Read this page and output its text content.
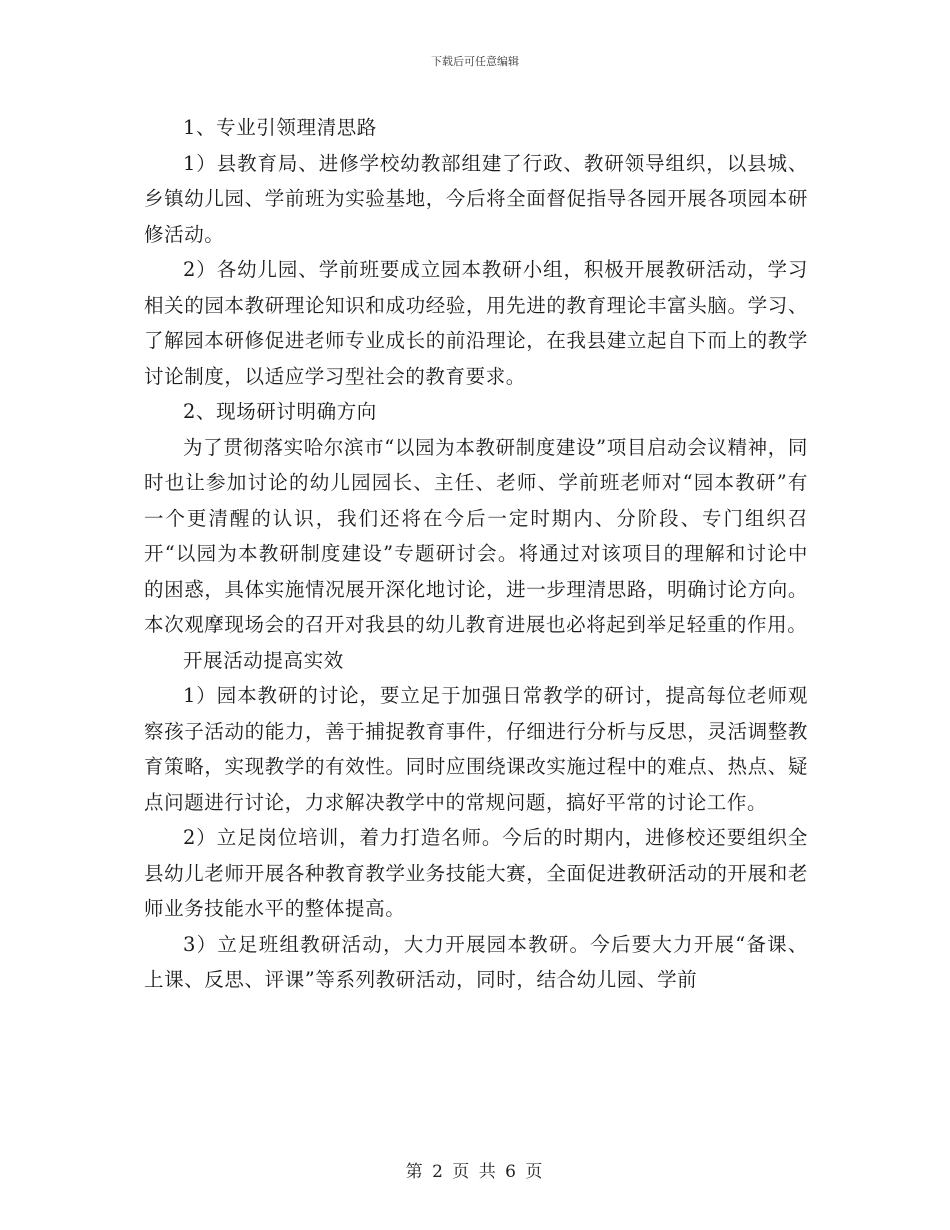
下载后可任意编辑

1、专业引领理清思路

1）县教育局、进修学校幼教部组建了行政、教研领导组织，以县城、乡镇幼儿园、学前班为实验基地，今后将全面督促指导各园开展各项园本研修活动。

2）各幼儿园、学前班要成立园本教研小组，积极开展教研活动，学习相关的园本教研理论知识和成功经验，用先进的教育理论丰富头脑。学习、了解园本研修促进老师专业成长的前沿理论，在我县建立起自下而上的教学讨论制度，以适应学习型社会的教育要求。

2、现场研讨明确方向

为了贯彻落实哈尔滨市“以园为本教研制度建设”项目启动会议精神，同时也让参加讨论的幼儿园园长、主任、老师、学前班老师对“园本教研”有一个更清醒的认识，我们还将在今后一定时期内、分阶段、专门组织召开“以园为本教研制度建设”专题研讨会。将通过对该项目的理解和讨论中的困惑，具体实施情况展开深化地讨论，进一步理清思路，明确讨论方向。本次观摩现场会的召开对我县的幼儿教育进展也必将起到举足轻重的作用。

开展活动提高实效

1）园本教研的讨论，要立足于加强日常教学的研讨，提高每位老师观察孩子活动的能力，善于捕捉教育事件，仔细进行分析与反思，灵活调整教育策略，实现教学的有效性。同时应围绕课改实施过程中的难点、热点、疑点问题进行讨论，力求解决教学中的常规问题，搞好平常的讨论工作。

2）立足岗位培训，着力打造名师。今后的时期内，进修校还要组织全县幼儿老师开展各种教育教学业务技能大赛，全面促进教研活动的开展和老师业务技能水平的整体提高。

3）立足班组教研活动，大力开展园本教研。今后要大力开展“备课、上课、反思、评课”等系列教研活动，同时，结合幼儿园、学前

第 2 页 共 6 页
